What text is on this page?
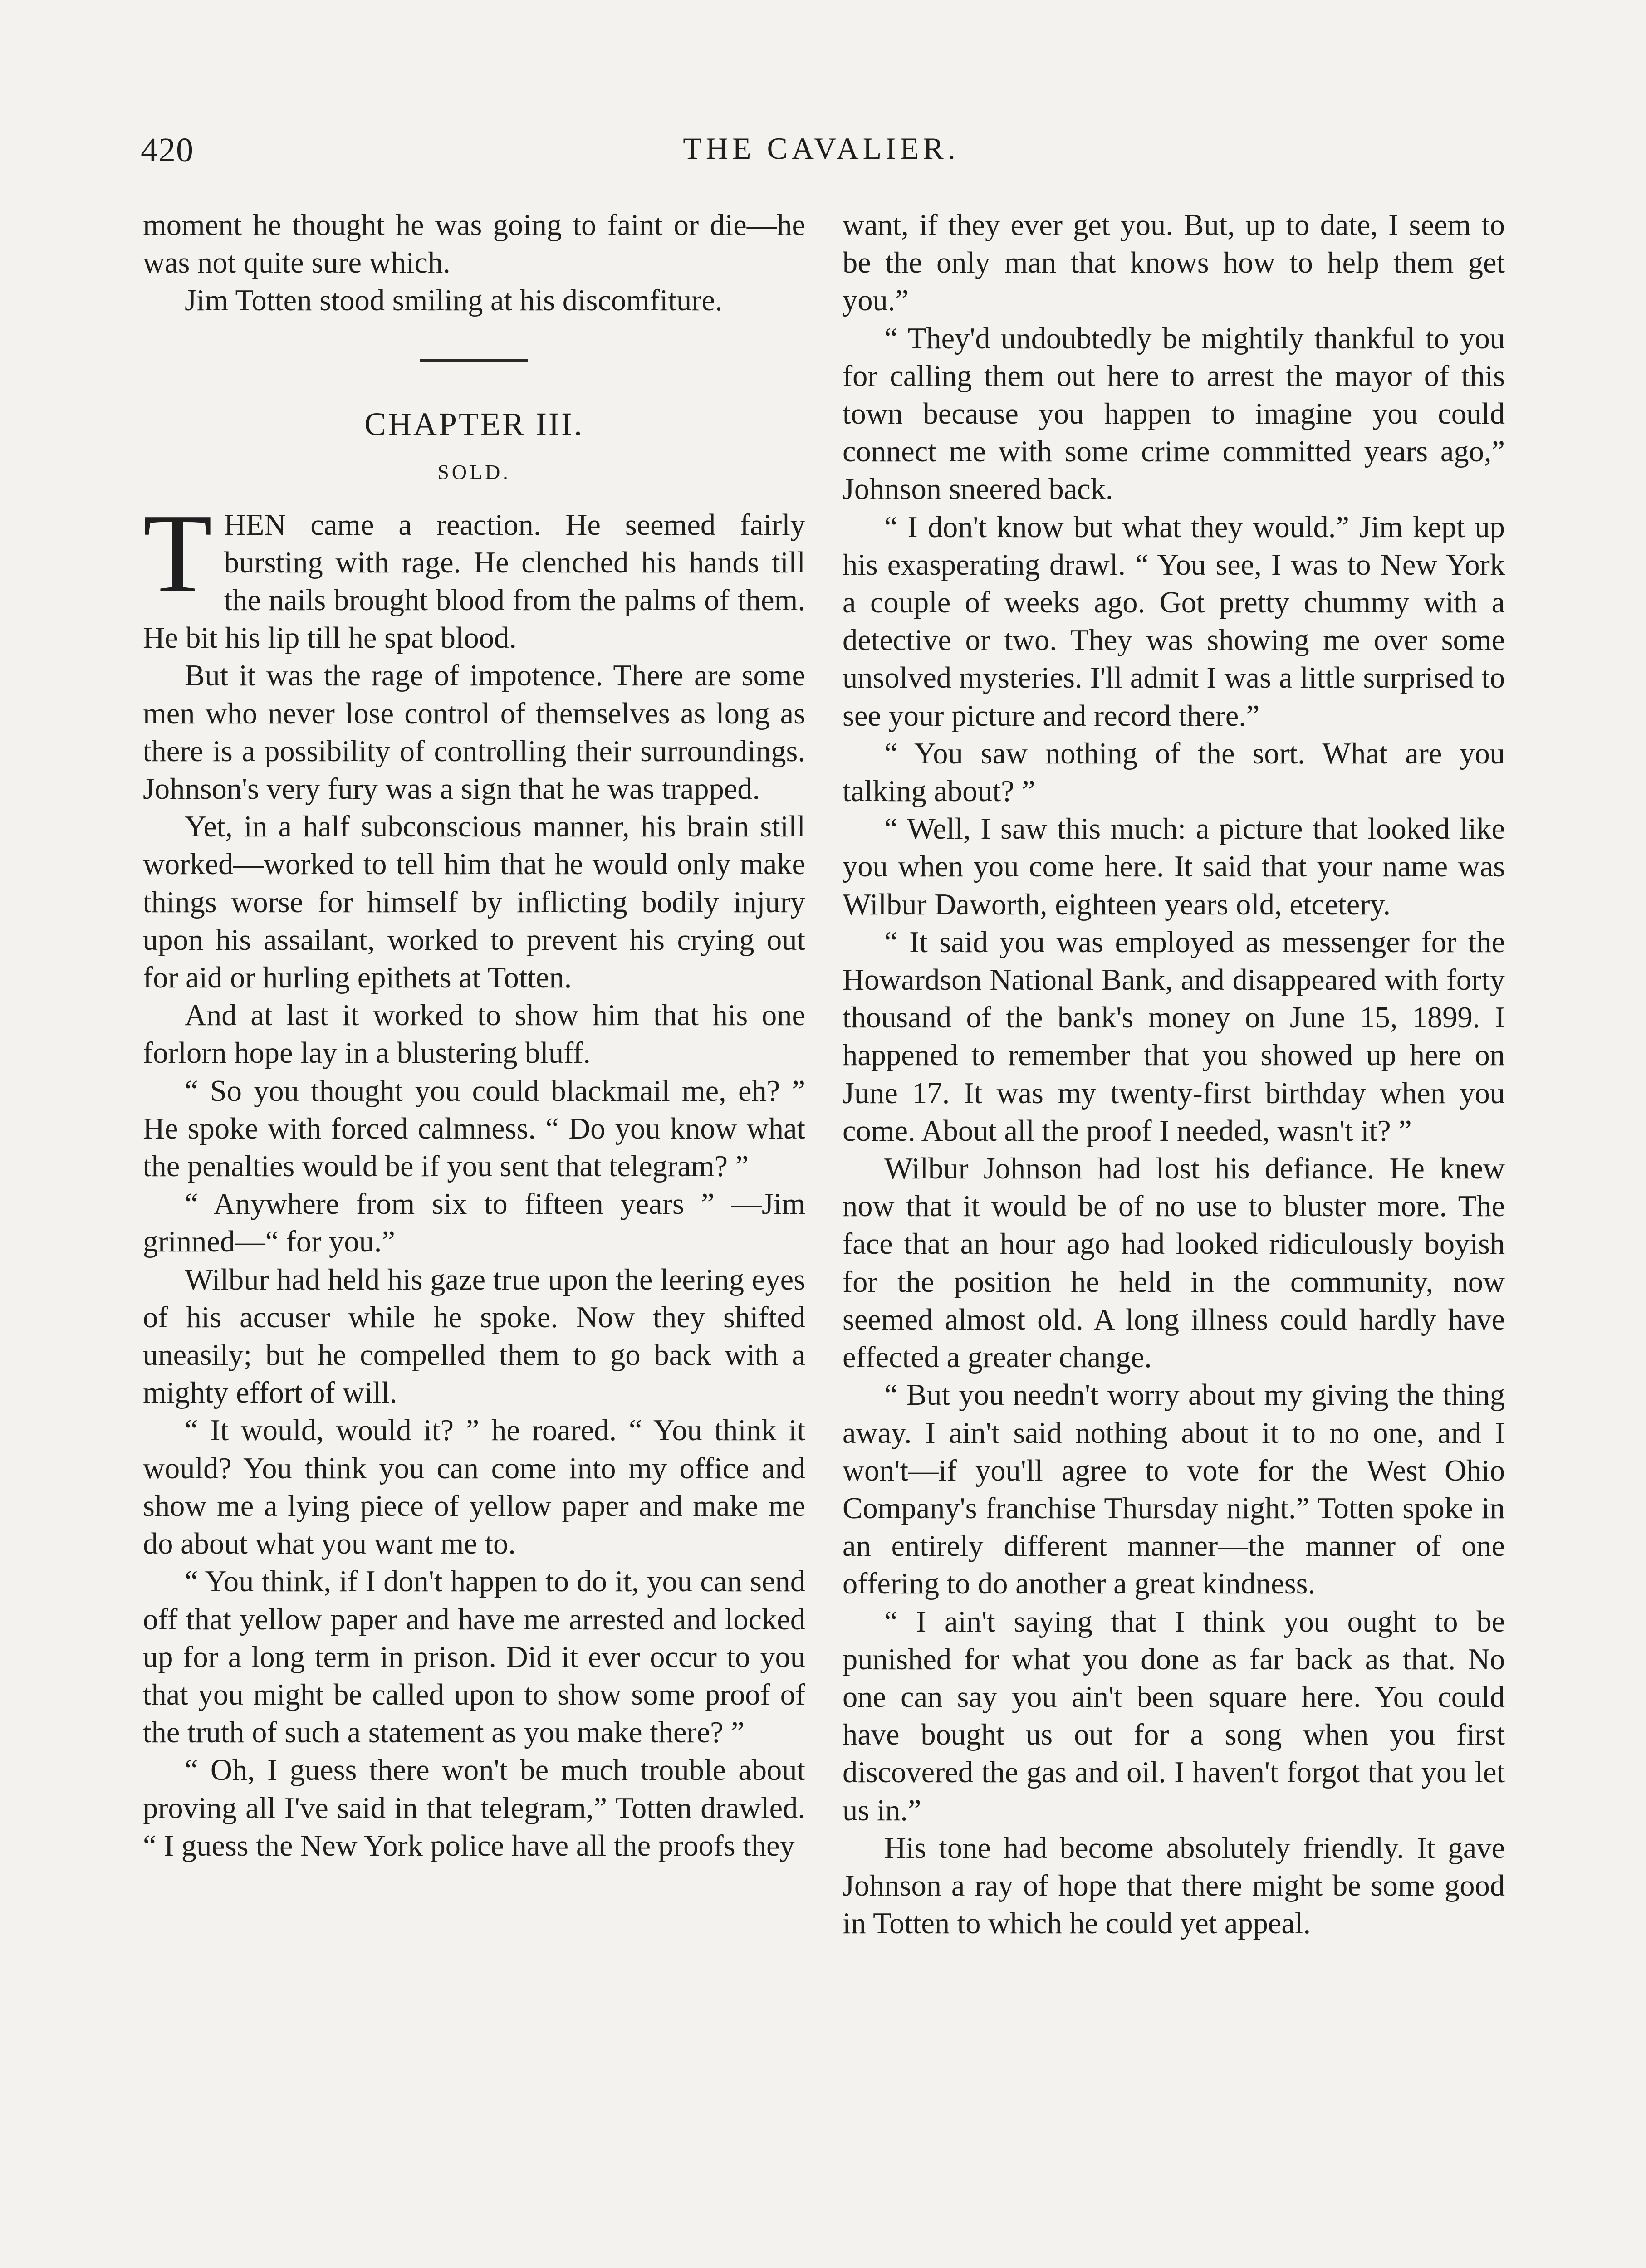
420	THE CAVALIER.

moment he thought he was going to faint or die—he was not quite sure which.

Jim Totten stood smiling at his discomfiture.

CHAPTER III.
SOLD.

THEN came a reaction. He seemed fairly bursting with rage. He clenched his hands till the nails brought blood from the palms of them. He bit his lip till he spat blood.

But it was the rage of impotence. There are some men who never lose control of themselves as long as there is a possibility of controlling their surroundings. Johnson's very fury was a sign that he was trapped.

Yet, in a half subconscious manner, his brain still worked—worked to tell him that he would only make things worse for himself by inflicting bodily injury upon his assailant, worked to prevent his crying out for aid or hurling epithets at Totten.

And at last it worked to show him that his one forlorn hope lay in a blustering bluff.

“ So you thought you could blackmail me, eh? ” He spoke with forced calmness. “ Do you know what the penalties would be if you sent that telegram? ”

“ Anywhere from six to fifteen years ” —Jim grinned—“ for you.”

Wilbur had held his gaze true upon the leering eyes of his accuser while he spoke. Now they shifted uneasily; but he compelled them to go back with a mighty effort of will.

“ It would, would it? ” he roared. “ You think it would? You think you can come into my office and show me a lying piece of yellow paper and make me do about what you want me to.

“ You think, if I don't happen to do it, you can send off that yellow paper and have me arrested and locked up for a long term in prison. Did it ever occur to you that you might be called upon to show some proof of the truth of such a statement as you make there? ”

“ Oh, I guess there won't be much trouble about proving all I've said in that telegram,” Totten drawled. “ I guess the New York police have all the proofs they

want, if they ever get you. But, up to date, I seem to be the only man that knows how to help them get you.”

“ They'd undoubtedly be mightily thankful to you for calling them out here to arrest the mayor of this town because you happen to imagine you could connect me with some crime committed years ago,” Johnson sneered back.

“ I don't know but what they would.” Jim kept up his exasperating drawl. “ You see, I was to New York a couple of weeks ago. Got pretty chummy with a detective or two. They was showing me over some unsolved mysteries. I'll admit I was a little surprised to see your picture and record there.”

“ You saw nothing of the sort. What are you talking about? ”

“ Well, I saw this much: a picture that looked like you when you come here. It said that your name was Wilbur Daworth, eighteen years old, etcetery.

“ It said you was employed as messenger for the Howardson National Bank, and disappeared with forty thousand of the bank's money on June 15, 1899. I happened to remember that you showed up here on June 17. It was my twenty-first birthday when you come. About all the proof I needed, wasn't it? ”

Wilbur Johnson had lost his defiance. He knew now that it would be of no use to bluster more. The face that an hour ago had looked ridiculously boyish for the position he held in the community, now seemed almost old. A long illness could hardly have effected a greater change.

“ But you needn't worry about my giving the thing away. I ain't said nothing about it to no one, and I won't—if you'll agree to vote for the West Ohio Company's franchise Thursday night.” Totten spoke in an entirely different manner—the manner of one offering to do another a great kindness.

“ I ain't saying that I think you ought to be punished for what you done as far back as that. No one can say you ain't been square here. You could have bought us out for a song when you first discovered the gas and oil. I haven't forgot that you let us in.”

His tone had become absolutely friendly. It gave Johnson a ray of hope that there might be some good in Totten to which he could yet appeal.
